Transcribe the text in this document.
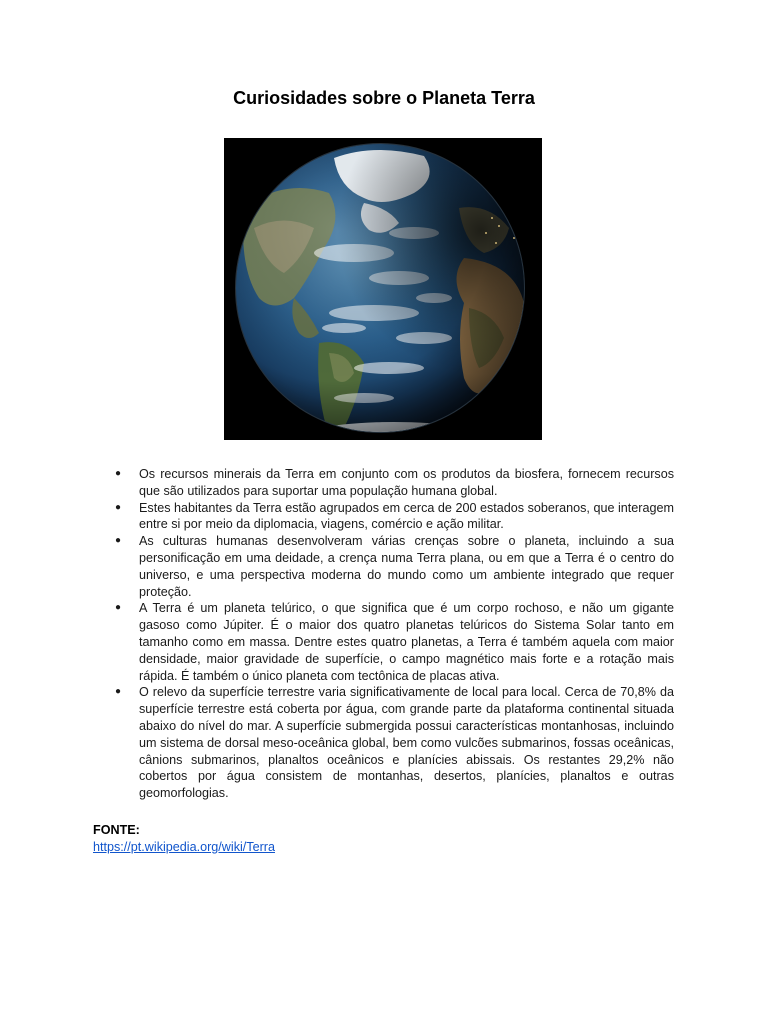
Curiosidades sobre o Planeta Terra
● Os recursos minerais da Terra em conjunto com os produtos da biosfera, fornecem recursos que são utilizados para suportar uma população humana global.
● Estes habitantes da Terra estão agrupados em cerca de 200 estados soberanos, que interagem entre si por meio da diplomacia, viagens, comércio e ação militar.
● As culturas humanas desenvolveram várias crenças sobre o planeta, incluindo a sua personificação em uma deidade, a crença numa Terra plana, ou em que a Terra é o centro do universo, e uma perspectiva moderna do mundo como um ambiente integrado que requer proteção.
● A Terra é um planeta telúrico, o que significa que é um corpo rochoso, e não um gigante gasoso como Júpiter. É o maior dos quatro planetas telúricos do Sistema Solar tanto em tamanho como em massa. Dentre estes quatro planetas, a Terra é também aquela com maior densidade, maior gravidade de superfície, o campo magnético mais forte e a rotação mais rápida. É também o único planeta com tectônica de placas ativa.
● O relevo da superfície terrestre varia significativamente de local para local. Cerca de 70,8% da superfície terrestre está coberta por água, com grande parte da plataforma continental situada abaixo do nível do mar. A superfície submergida possui características montanhosas, incluindo um sistema de dorsal meso-oceânica global, bem como vulcões submarinos, fossas oceânicas, cânions submarinos, planaltos oceânicos e planícies abissais. Os restantes 29,2% não cobertos por água consistem de montanhas, desertos, planícies, planaltos e outras geomorfologias.
FONTE:
https://pt.wikipedia.org/wiki/Terra
